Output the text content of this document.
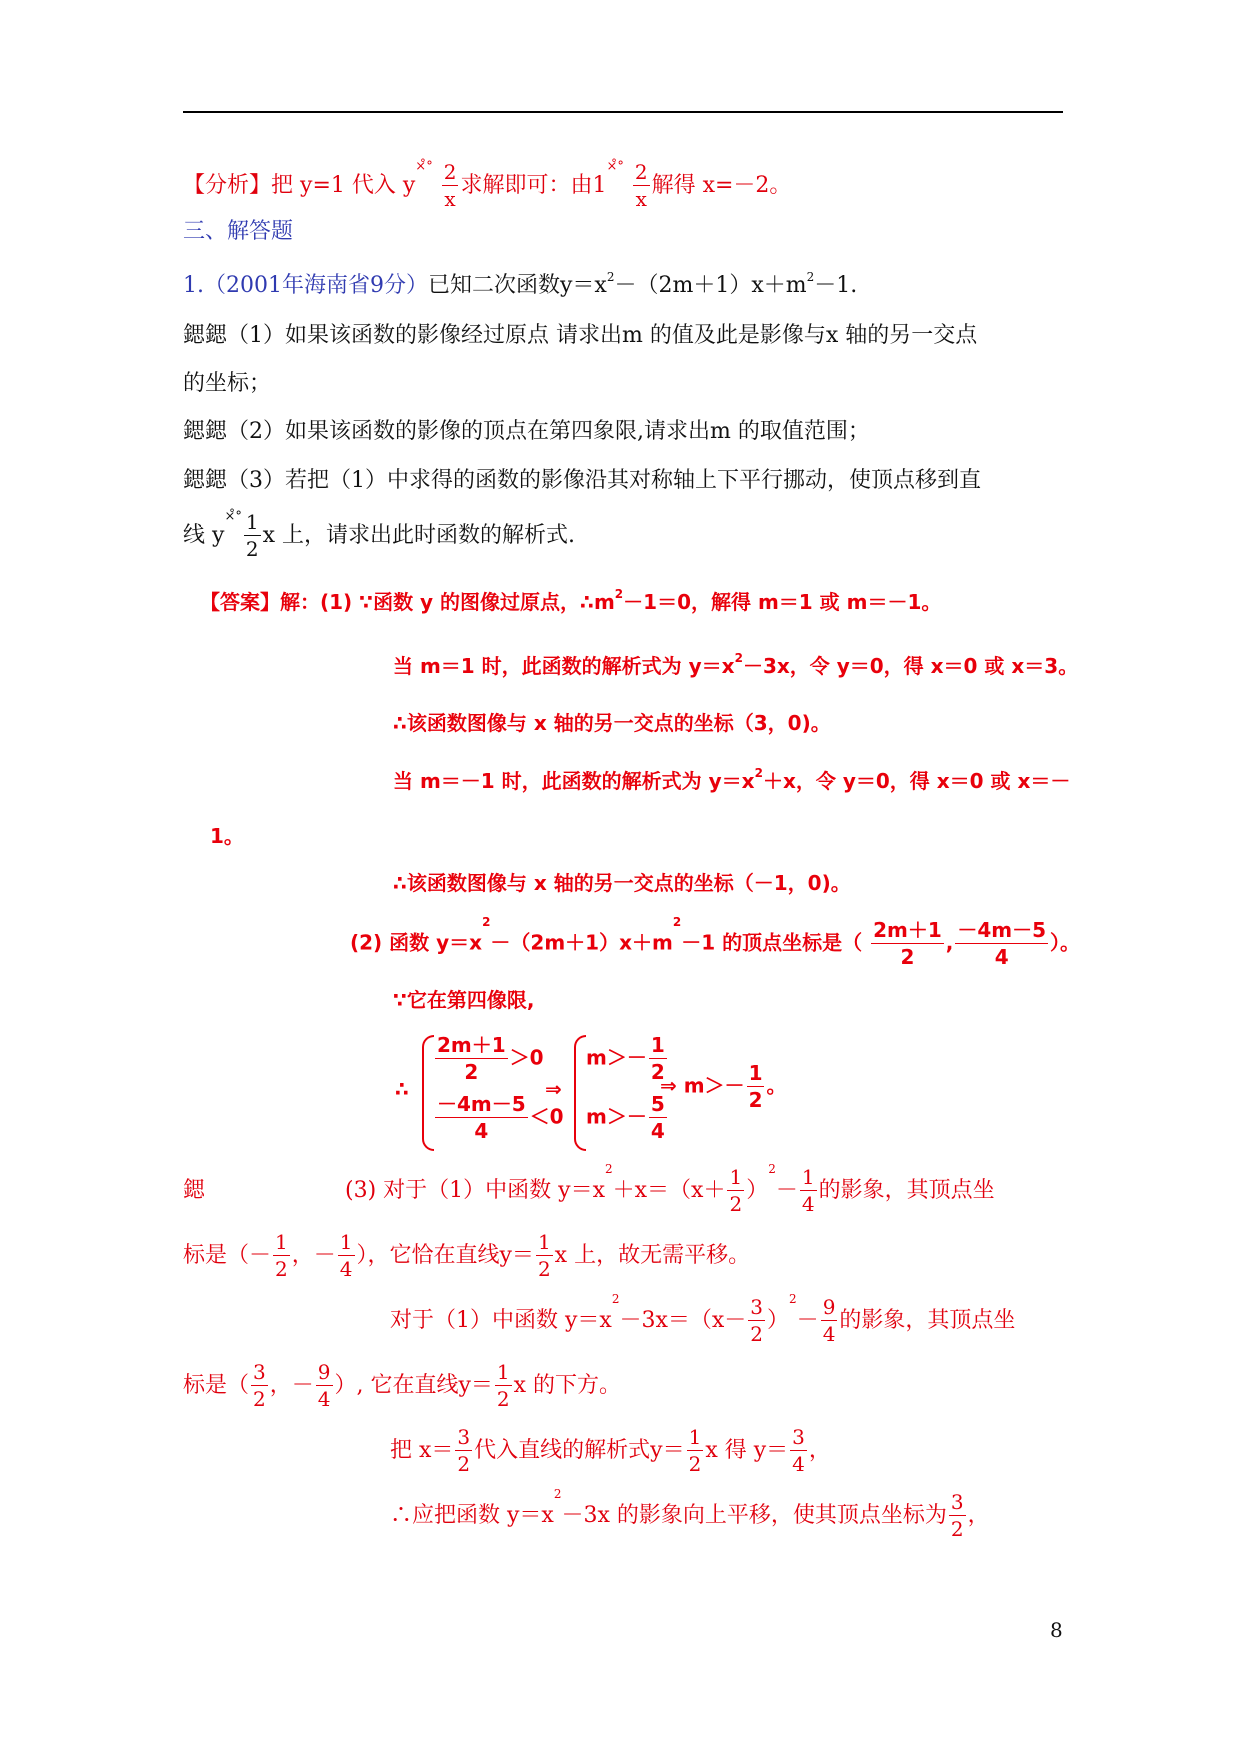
【分析】把 y=1 代入 $y^{\times̊^\circ} \frac{2}{x}$ 求解即可：由$1^{\times̊^\circ} \frac{2}{x}$ 解得 x=－2。
三、解答题
1.（2001年海南省9分）已知二次函数$y=x^2-(2m+1)x+m^2-1$.
鍶鍶（1）如果该函数的影像经过原点 请求出m 的值及此是影像与x 轴的另一交点
的坐标；
鍶鍶（2）如果该函数的影像的顶点在第四象限,请求出m 的取值范围；
鍶鍶（3）若把（1）中求得的函数的影像沿其对称轴上下平行挪动，使顶点移到直
线 $y^{\times̊^\circ} \frac{1}{2}$ x 上，请求出此时函数的解析式.
【答案】解：(1) ∵函数 y 的图像过原点，$\therefore m^2-1=0$，解得 m＝1 或 m＝－1。
当 m＝1 时，此函数的解析式为 $y=x^2-3x$，令 y＝0，得 x＝0 或 x＝3。
∴该函数图像与 x 轴的另一交点的坐标（3，0)。
当 m＝－1 时，此函数的解析式为 $y=x^2+x$，令 y＝0，得 x＝0 或 x＝－
1。
∴该函数图像与 x 轴的另一交点的坐标（－1，0)。
(2) 函数 $y=x^2-(2m+1)x+m^2-1$ 的顶点坐标是（ $\frac{2m+1}{2}$ , $\frac{-4m-5}{4}$ ）。
∵它在第四像限,
∴
$\frac{2m+1}{2} >0$
$\frac{-4m-5}{4} <0$
⇒
$m>- \frac{1}{2}$
$m>- \frac{5}{4}$
⇒ $m>- \frac{1}{2}$ 。
鍶	(3) 对于（1）中函数 $y=x^2+x=(x+ \frac{1}{2} )^2- \frac{1}{4}$ 的影象，其顶点坐
标是（－ $\frac{1}{2}$ ，－ $\frac{1}{4}$ ），它恰在直线$y= \frac{1}{2}$ x 上，故无需平移。
对于（1）中函数 $y=x^2-3x=(x- \frac{3}{2} )^2- \frac{9}{4}$ 的影象，其顶点坐
标是（ $\frac{3}{2}$ ，－ $\frac{9}{4}$ ）, 它在直线$y= \frac{1}{2}$ x 的下方。
把 $x= \frac{3}{2}$ 代入直线的解析式$y= \frac{1}{2}$ x 得 $y= \frac{3}{4}$ ，
∴应把函数 $y=x^2-3x$ 的影象向上平移，使其顶点坐标为 $\frac{3}{2}$ ，
8
